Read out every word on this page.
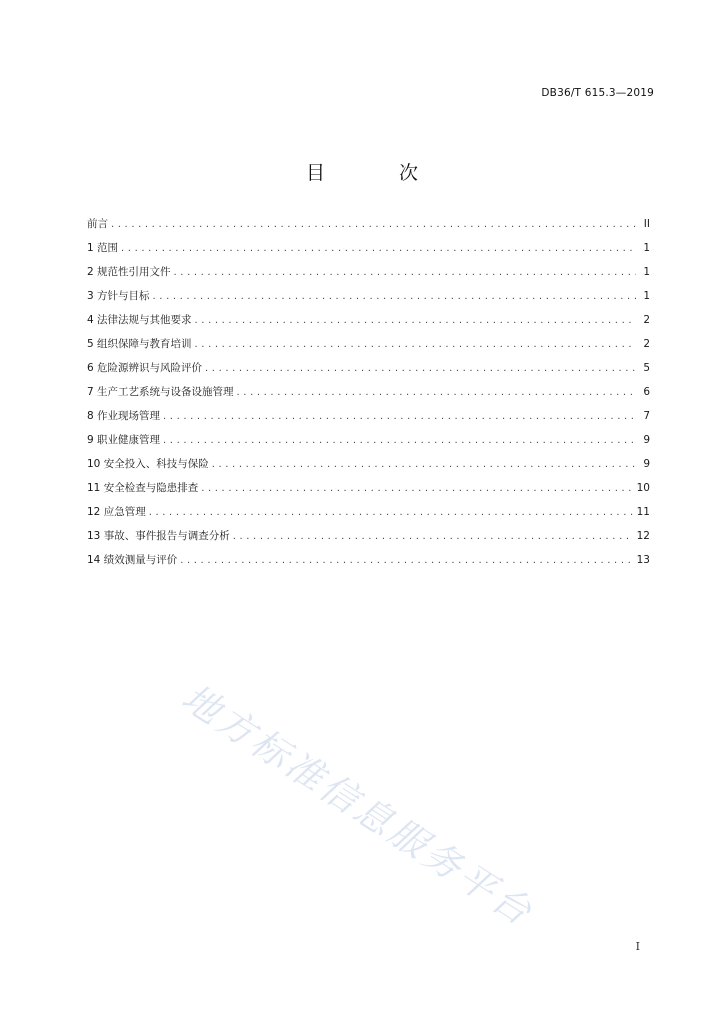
DB36/T 615.3—2019
目 次
前言 .....	II
1 范围 .....	1
2 规范性引用文件 .....	1
3 方针与目标 .....	1
4 法律法规与其他要求 .....	2
5 组织保障与教育培训 .....	2
6 危险源辨识与风险评价 .....	5
7 生产工艺系统与设备设施管理 .....	6
8 作业现场管理 .....	7
9 职业健康管理 .....	9
10 安全投入、科技与保险 .....	9
11 安全检查与隐患排查 .....	10
12 应急管理 .....	11
13 事故、事件报告与调查分析 .....	12
14 绩效测量与评价 .....	13
地方标准信息服务平台
I
